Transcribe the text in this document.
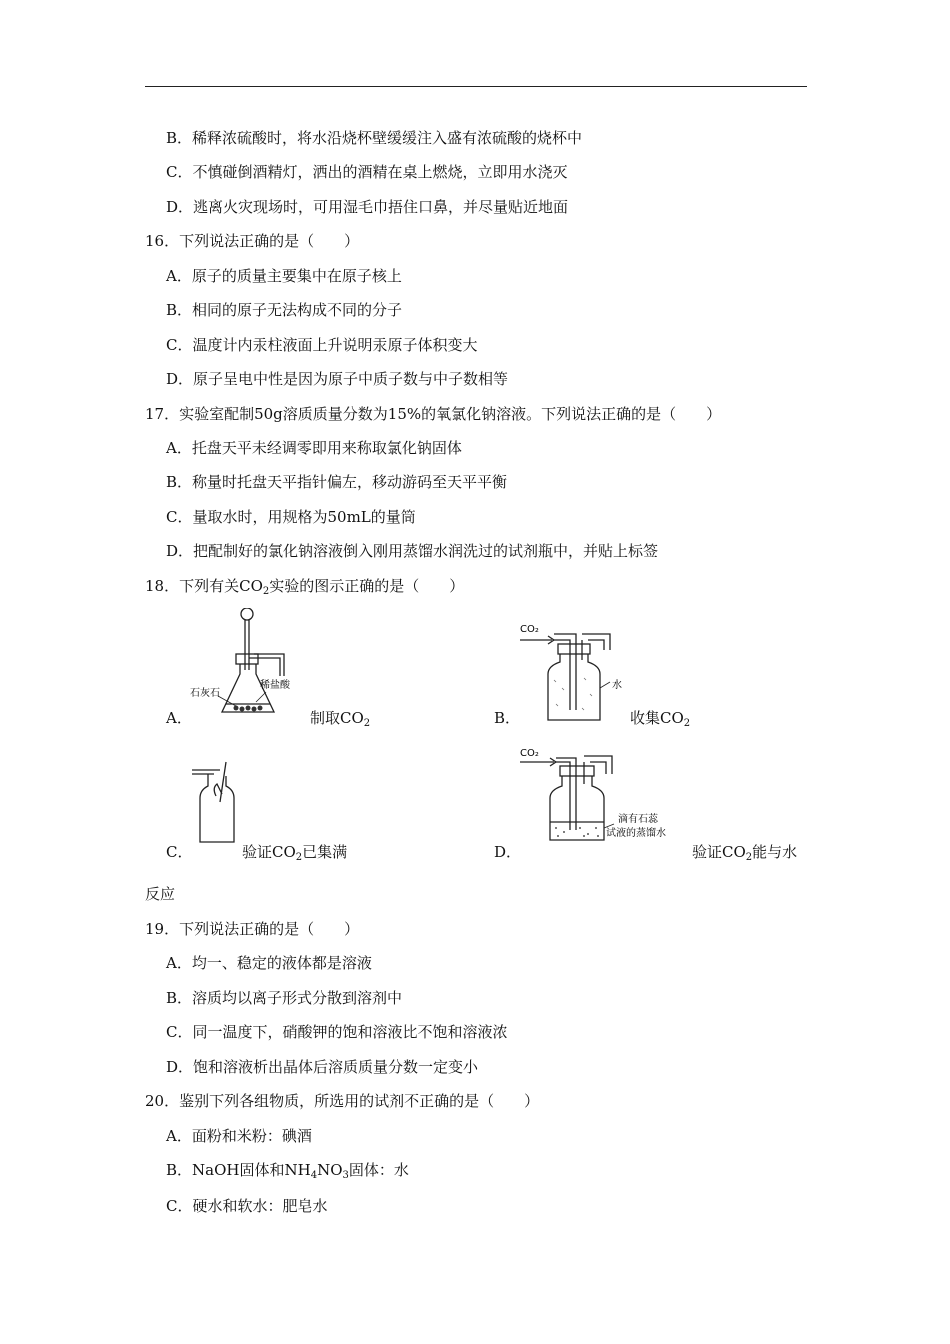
B．稀释浓硫酸时，将水沿烧杯壁缓缓注入盛有浓硫酸的烧杯中
C．不慎碰倒酒精灯，洒出的酒精在桌上燃烧，立即用水浇灭
D．逃离火灾现场时，可用湿毛巾捂住口鼻，并尽量贴近地面
16．下列说法正确的是（　　）
A．原子的质量主要集中在原子核上
B．相同的原子无法构成不同的分子
C．温度计内汞柱液面上升说明汞原子体积变大
D．原子呈电中性是因为原子中质子数与中子数相等
17．实验室配制50g溶质质量分数为15%的氧氯化钠溶液。下列说法正确的是（　　）
A．托盘天平未经调零即用来称取氯化钠固体
B．称量时托盘天平指针偏左，移动游码至天平平衡
C．量取水时，用规格为50mL的量筒
D．把配制好的氯化钠溶液倒入刚用蒸馏水润洗过的试剂瓶中，并贴上标签
18．下列有关$CO_2$实验的图示正确的是（　　）
石灰石
稀盐酸
A．	制取$CO_2$
CO₂
水
B．	收集$CO_2$
C．	验证$CO_2$已集满
CO₂
滴有石蕊
试液的蒸馏水
D．	验证$CO_2$能与水
反应
19．下列说法正确的是（　　）
A．均一、稳定的液体都是溶液
B．溶质均以离子形式分散到溶剂中
C．同一温度下，硝酸钾的饱和溶液比不饱和溶液浓
D．饱和溶液析出晶体后溶质质量分数一定变小
20．鉴别下列各组物质，所选用的试剂不正确的是（　　）
A．面粉和米粉：碘酒
B．NaOH固体和$NH_4NO_3$固体：水
C．硬水和软水：肥皂水
